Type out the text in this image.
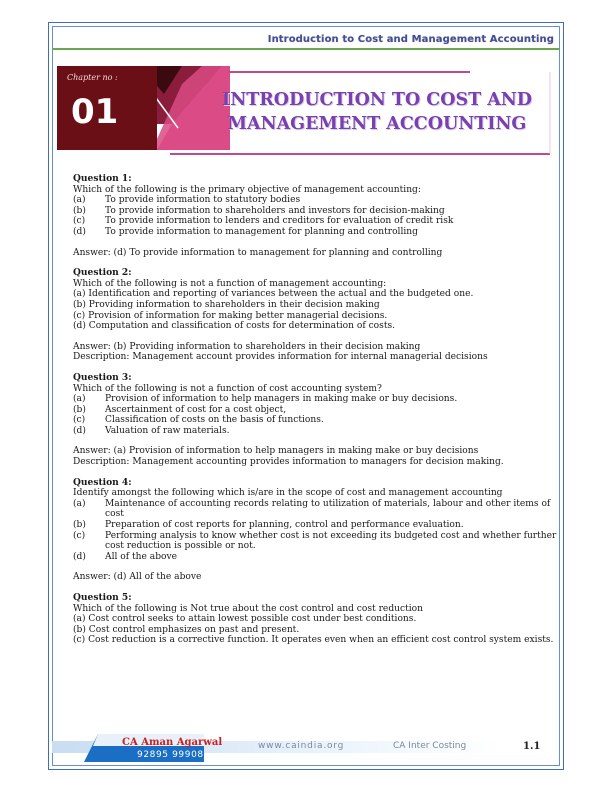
Introduction to Cost and Management Accounting
Chapter no :
01	INTRODUCTION TO COST AND
MANAGEMENT ACCOUNTING
Question 1:
Which of the following is the primary objective of management accounting:
(a)	To provide information to statutory bodies
(b)	To provide information to shareholders and investors for decision-making
(c)	To provide information to lenders and creditors for evaluation of credit risk
(d)	To provide information to management for planning and controlling
Answer: (d) To provide information to management for planning and controlling
Question 2:
Which of the following is not a function of management accounting:
(a) Identification and reporting of variances between the actual and the budgeted one.
(b) Providing information to shareholders in their decision making
(c) Provision of information for making better managerial decisions.
(d) Computation and classification of costs for determination of costs.
Answer: (b) Providing information to shareholders in their decision making
Description: Management account provides information for internal managerial decisions
Question 3:
Which of the following is not a function of cost accounting system?
(a)	Provision of information to help managers in making make or buy decisions.
(b)	Ascertainment of cost for a cost object,
(c)	Classification of costs on the basis of functions.
(d)	Valuation of raw materials.
Answer: (a) Provision of information to help managers in making make or buy decisions
Description: Management accounting provides information to managers for decision making.
Question 4:
Identify amongst the following which is/are in the scope of cost and management accounting
(a)	Maintenance of accounting records relating to utilization of materials, labour and other items of cost
(b)	Preparation of cost reports for planning, control and performance evaluation.
(c)	Performing analysis to know whether cost is not exceeding its budgeted cost and whether further cost reduction is possible or not.
(d)	All of the above
Answer: (d) All of the above
Question 5:
Which of the following is Not true about the cost control and cost reduction
(a) Cost control seeks to attain lowest possible cost under best conditions.
(b) Cost control emphasizes on past and present.
(c) Cost reduction is a corrective function. It operates even when an efficient cost control system exists.
CA Aman Agarwal
92895 99908
www.caindia.org	CA Inter Costing	1.1
